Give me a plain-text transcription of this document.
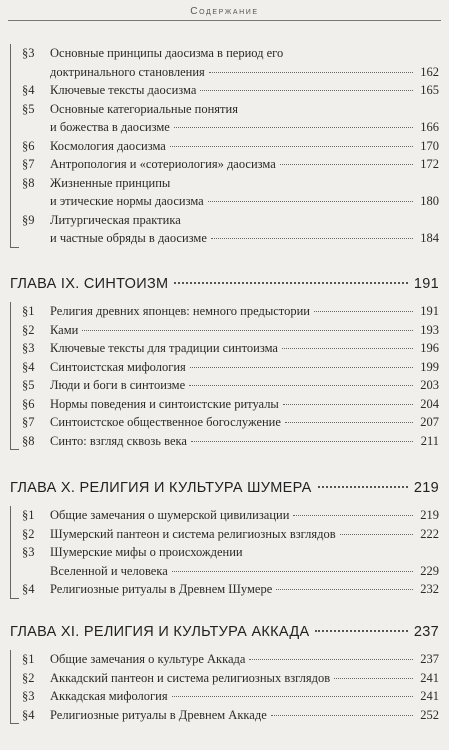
Содержание
§3	Основные принципы даосизма в период его
доктринального становления	162
§4	Ключевые тексты даосизма	165
§5	Основные категориальные понятия
и божества в даосизме	166
§6	Космология даосизма	170
§7	Антропология и «сотериология» даосизма	172
§8	Жизненные принципы
и этические нормы даосизма	180
§9	Литургическая практика
и частные обряды в даосизме	184
ГЛАВА IX. СИНТОИЗМ	191
§1	Религия древних японцев: немного предыстории	191
§2	Ками	193
§3	Ключевые тексты для традиции синтоизма	196
§4	Синтоистская мифология	199
§5	Люди и боги в синтоизме	203
§6	Нормы поведения и синтоистские ритуалы	204
§7	Синтоистское общественное богослужение	207
§8	Синто: взгляд сквозь века	211
ГЛАВА X. РЕЛИГИЯ И КУЛЬТУРА ШУМЕРА	219
§1	Общие замечания о шумерской цивилизации	219
§2	Шумерский пантеон и система религиозных взглядов	222
§3	Шумерские мифы о происхождении
Вселенной и человека	229
§4	Религиозные ритуалы в Древнем Шумере	232
ГЛАВА XI. РЕЛИГИЯ И КУЛЬТУРА АККАДА	237
§1	Общие замечания о культуре Аккада	237
§2	Аккадский пантеон и система религиозных взглядов	241
§3	Аккадская мифология	241
§4	Религиозные ритуалы в Древнем Аккаде	252
